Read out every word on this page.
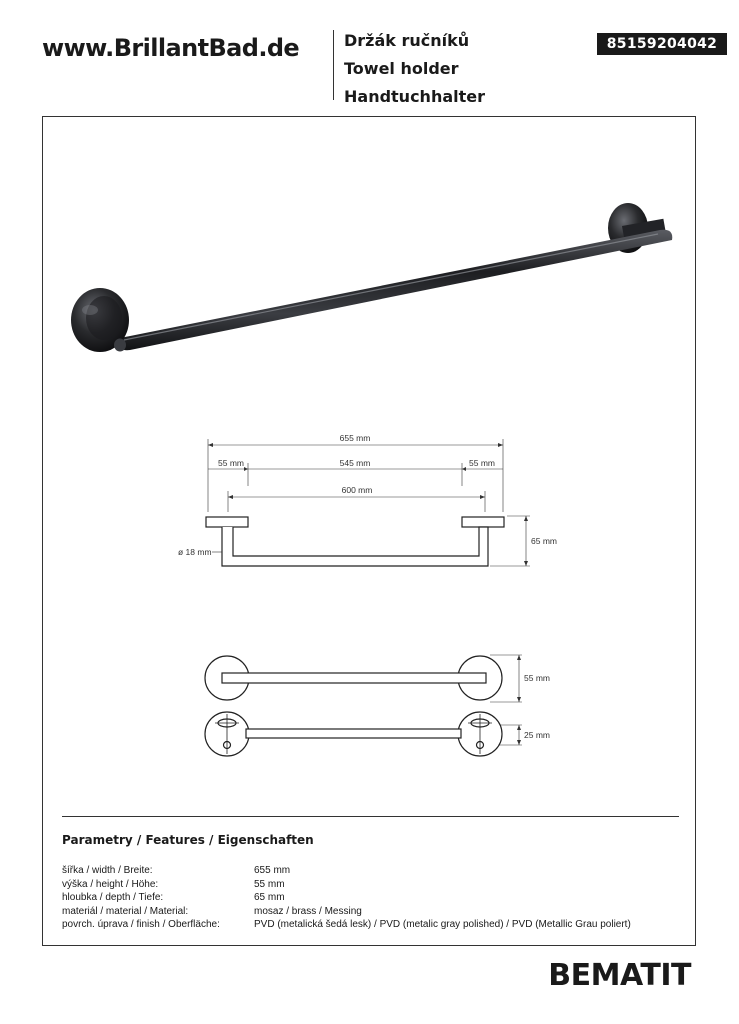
www.BrillantBad.de	Držák ručníků
Towel holder
Handtuchhalter
85159204042
655 mm
55 mm	545 mm	55 mm
600 mm
ø 18 mm
65 mm
55 mm
25 mm
Parametry / Features / Eigenschaften
šířka / width / Breite:	655 mm
výška / height / Höhe:	55 mm
hloubka / depth / Tiefe:	65 mm
materiál / material / Material:	mosaz / brass / Messing
povrch. úprava / finish / Oberfläche:	PVD (metalická šedá lesk) / PVD (metalic gray polished) / PVD (Metallic Grau poliert)
BEMATIT
